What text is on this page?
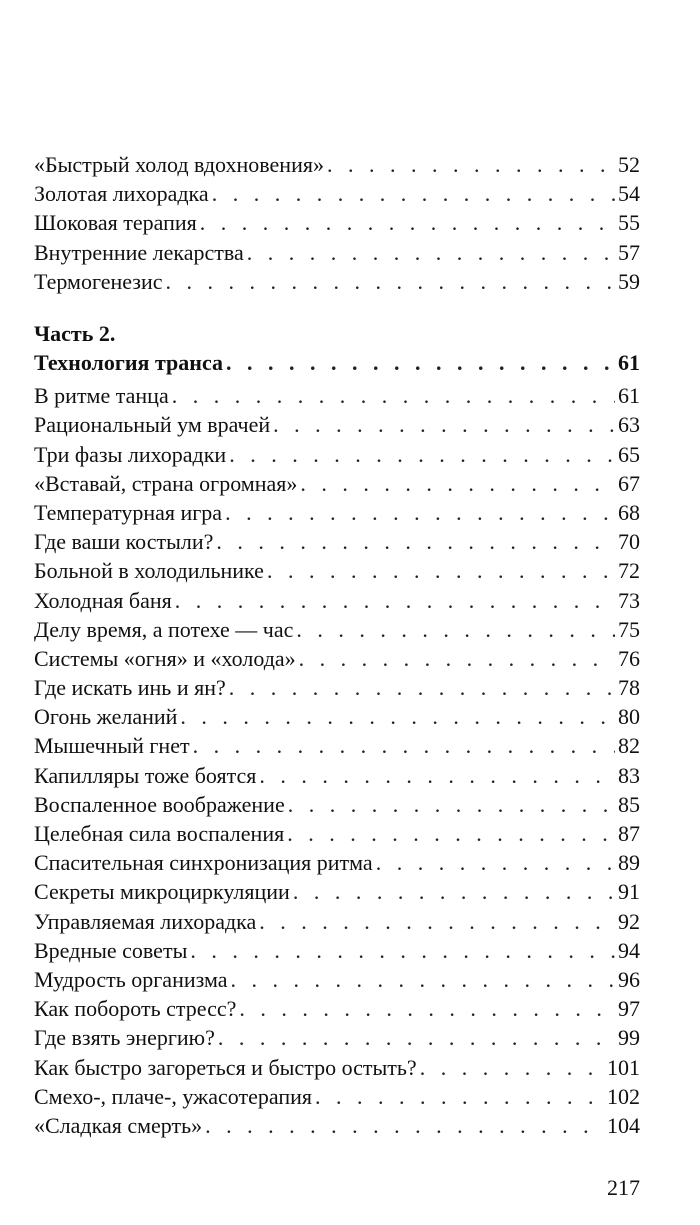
«Быстрый холод вдохновения» . . .	52
Золотая лихорадка . . .	54
Шоковая терапия . . .	55
Внутренние лекарства . . .	57
Термогенезис . . .	59
Часть 2.
Технология транса . . .	61
В ритме танца . . .	61
Рациональный ум врачей . . .	63
Три фазы лихорадки . . .	65
«Вставай, страна огромная» . . .	67
Температурная игра . . .	68
Где ваши костыли? . . .	70
Больной в холодильнике . . .	72
Холодная баня . . .	73
Делу время, а потехе — час . . .	75
Системы «огня» и «холода» . . .	76
Где искать инь и ян? . . .	78
Огонь желаний . . .	80
Мышечный гнет . . .	82
Капилляры тоже боятся . . .	83
Воспаленное воображение . . .	85
Целебная сила воспаления . . .	87
Спасительная синхронизация ритма . . .	89
Секреты микроциркуляции . . .	91
Управляемая лихорадка . . .	92
Вредные советы . . .	94
Мудрость организма . . .	96
Как побороть стресс? . . .	97
Где взять энергию? . . .	99
Как быстро загореться и быстро остыть? . . .	101
Смехо-, плаче-, ужасотерапия . . .	102
«Сладкая смерть» . . .	104
217
